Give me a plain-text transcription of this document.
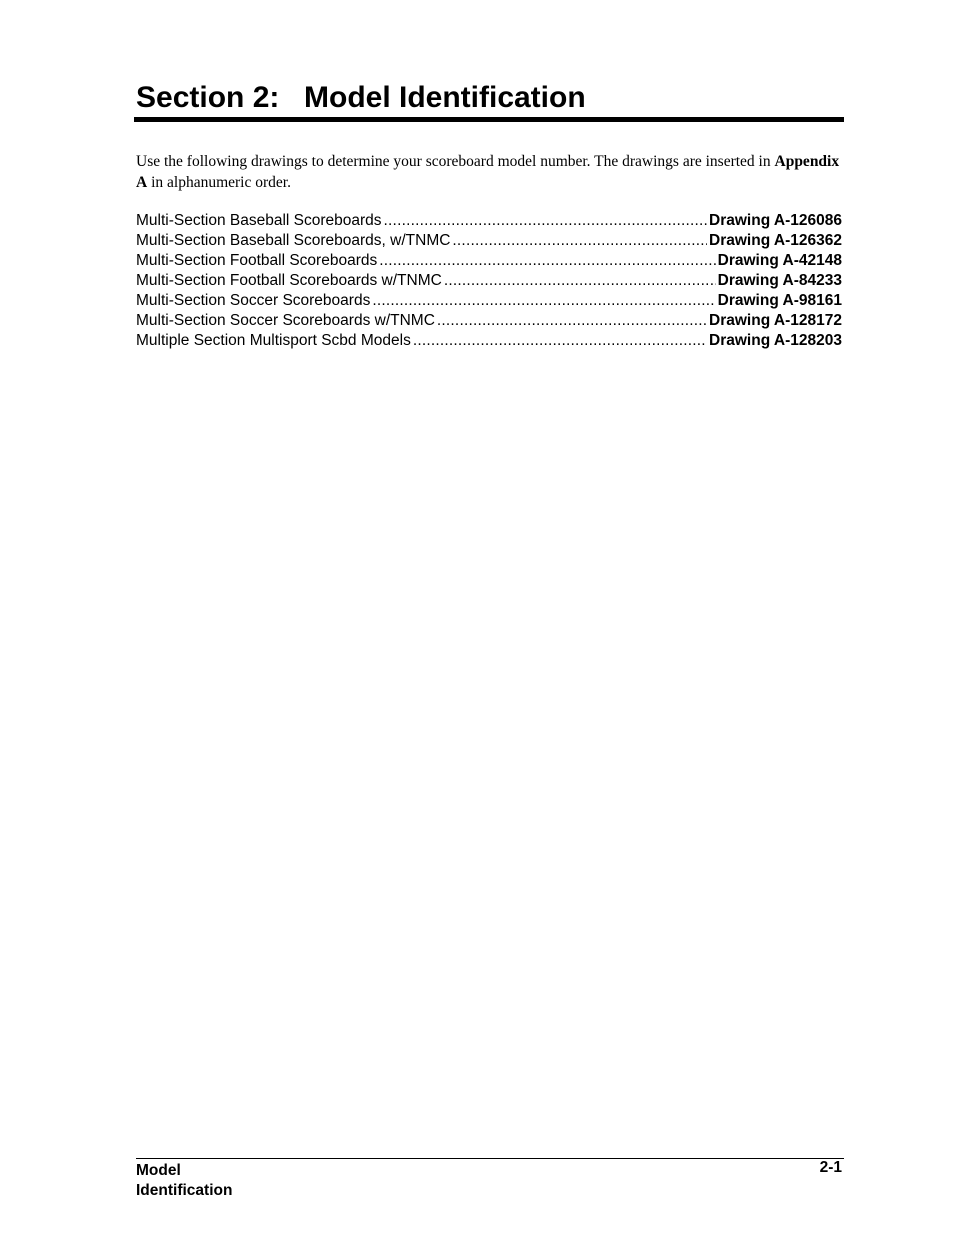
Section 2: Model Identification

Use the following drawings to determine your scoreboard model number. The drawings are inserted in Appendix A in alphanumeric order.

Multi-Section Baseball Scoreboards .....	Drawing A-126086
Multi-Section Baseball Scoreboards, w/TNMC .....	Drawing A-126362
Multi-Section Football Scoreboards .....	Drawing A-42148
Multi-Section Football Scoreboards w/TNMC .....	Drawing A-84233
Multi-Section Soccer Scoreboards .....	Drawing A-98161
Multi-Section Soccer Scoreboards w/TNMC .....	Drawing A-128172
Multiple Section Multisport Scbd Models .....	Drawing A-128203

Model
Identification

2-1
